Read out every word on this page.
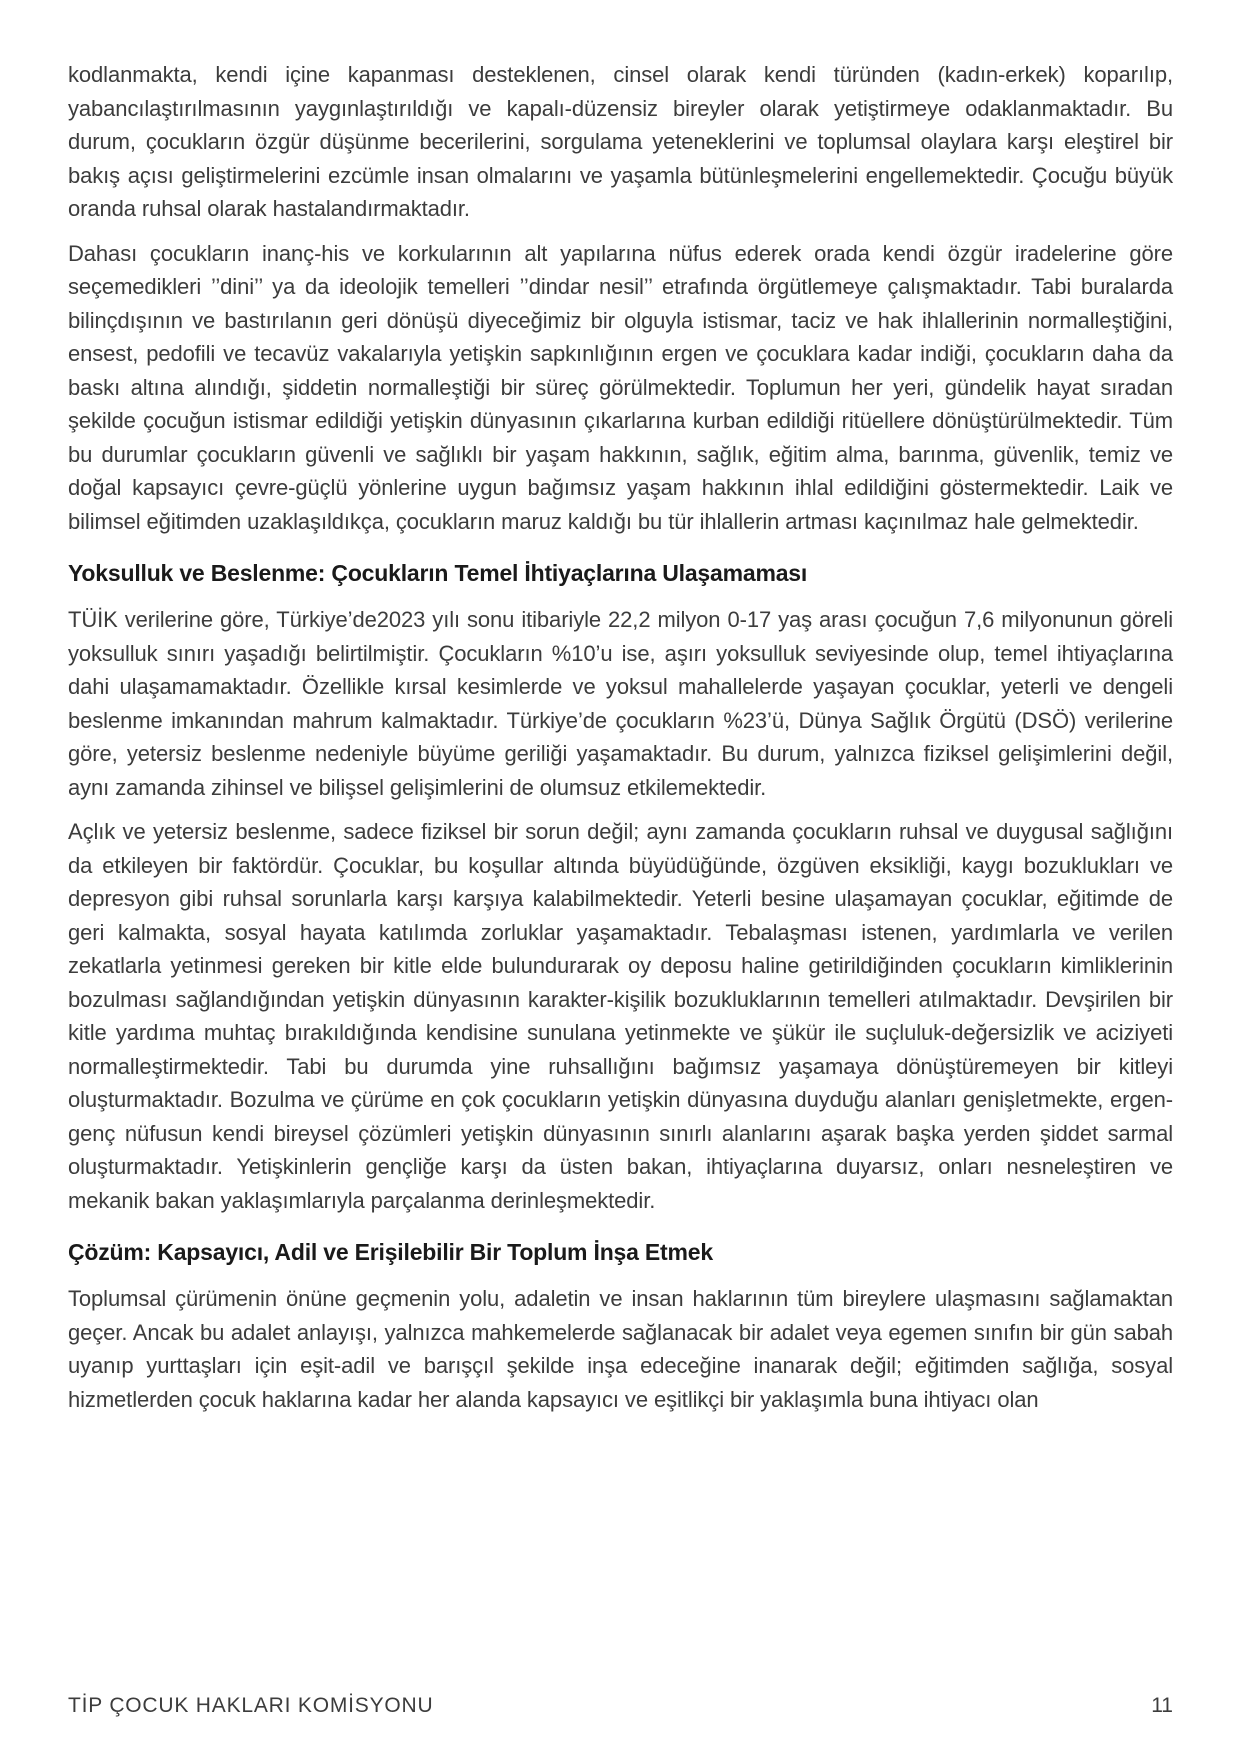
kodlanmakta, kendi içine kapanması desteklenen, cinsel olarak kendi türünden (kadın-erkek) koparılıp, yabancılaştırılmasının yaygınlaştırıldığı ve kapalı-düzensiz bireyler olarak yetiştirmeye odaklanmaktadır. Bu durum, çocukların özgür düşünme becerilerini, sorgulama yeteneklerini ve toplumsal olaylara karşı eleştirel bir bakış açısı geliştirmelerini ezcümle insan olmalarını ve yaşamla bütünleşmelerini engellemektedir. Çocuğu büyük oranda ruhsal olarak hastalandırmaktadır.

Dahası çocukların inanç-his ve korkularının alt yapılarına nüfus ederek orada kendi özgür iradelerine göre seçemedikleri ’’dini’’ ya da ideolojik temelleri ’’dindar nesil’’ etrafında örgütlemeye çalışmaktadır. Tabi buralarda bilinçdışının ve bastırılanın geri dönüşü diyeceğimiz bir olguyla istismar, taciz ve hak ihlallerinin normalleştiğini, ensest, pedofili ve tecavüz vakalarıyla yetişkin sapkınlığının ergen ve çocuklara kadar indiği, çocukların daha da baskı altına alındığı, şiddetin normalleştiği bir süreç görülmektedir. Toplumun her yeri, gündelik hayat sıradan şekilde çocuğun istismar edildiği yetişkin dünyasının çıkarlarına kurban edildiği ritüellere dönüştürülmektedir. Tüm bu durumlar çocukların güvenli ve sağlıklı bir yaşam hakkının, sağlık, eğitim alma, barınma, güvenlik, temiz ve doğal kapsayıcı çevre-güçlü yönlerine uygun bağımsız yaşam hakkının ihlal edildiğini göstermektedir. Laik ve bilimsel eğitimden uzaklaşıldıkça, çocukların maruz kaldığı bu tür ihlallerin artması kaçınılmaz hale gelmektedir.

Yoksulluk ve Beslenme: Çocukların Temel İhtiyaçlarına Ulaşamaması

TÜİK verilerine göre, Türkiye’de2023 yılı sonu itibariyle 22,2 milyon 0-17 yaş arası çocuğun 7,6 milyonunun göreli yoksulluk sınırı yaşadığı belirtilmiştir. Çocukların %10’u ise, aşırı yoksulluk seviyesinde olup, temel ihtiyaçlarına dahi ulaşamamaktadır. Özellikle kırsal kesimlerde ve yoksul mahallelerde yaşayan çocuklar, yeterli ve dengeli beslenme imkanından mahrum kalmaktadır. Türkiye’de çocukların %23’ü, Dünya Sağlık Örgütü (DSÖ) verilerine göre, yetersiz beslenme nedeniyle büyüme geriliği yaşamaktadır. Bu durum, yalnızca fiziksel gelişimlerini değil, aynı zamanda zihinsel ve bilişsel gelişimlerini de olumsuz etkilemektedir.

Açlık ve yetersiz beslenme, sadece fiziksel bir sorun değil; aynı zamanda çocukların ruhsal ve duygusal sağlığını da etkileyen bir faktördür. Çocuklar, bu koşullar altında büyüdüğünde, özgüven eksikliği, kaygı bozuklukları ve depresyon gibi ruhsal sorunlarla karşı karşıya kalabilmektedir. Yeterli besine ulaşamayan çocuklar, eğitimde de geri kalmakta, sosyal hayata katılımda zorluklar yaşamaktadır. Tebalaşması istenen, yardımlarla ve verilen zekatlarla yetinmesi gereken bir kitle elde bulundurarak oy deposu haline getirildiğinden çocukların kimliklerinin bozulması sağlandığından yetişkin dünyasının karakter-kişilik bozukluklarının temelleri atılmaktadır. Devşirilen bir kitle yardıma muhtaç bırakıldığında kendisine sunulana yetinmekte ve şükür ile suçluluk-değersizlik ve aciziyeti normalleştirmektedir. Tabi bu durumda yine ruhsallığını bağımsız yaşamaya dönüştüremeyen bir kitleyi oluşturmaktadır. Bozulma ve çürüme en çok çocukların yetişkin dünyasına duyduğu alanları genişletmekte, ergen-genç nüfusun kendi bireysel çözümleri yetişkin dünyasının sınırlı alanlarını aşarak başka yerden şiddet sarmal oluşturmaktadır. Yetişkinlerin gençliğe karşı da üsten bakan, ihtiyaçlarına duyarsız, onları nesneleştiren ve mekanik bakan yaklaşımlarıyla parçalanma derinleşmektedir.

Çözüm: Kapsayıcı, Adil ve Erişilebilir Bir Toplum İnşa Etmek

Toplumsal çürümenin önüne geçmenin yolu, adaletin ve insan haklarının tüm bireylere ulaşmasını sağlamaktan geçer. Ancak bu adalet anlayışı, yalnızca mahkemelerde sağlanacak bir adalet veya egemen sınıfın bir gün sabah uyanıp yurttaşları için eşit-adil ve barışçıl şekilde inşa edeceğine inanarak değil; eğitimden sağlığa, sosyal hizmetlerden çocuk haklarına kadar her alanda kapsayıcı ve eşitlikçi bir yaklaşımla buna ihtiyacı olan

TİP ÇOCUK HAKLARI KOMİSYONU	11
